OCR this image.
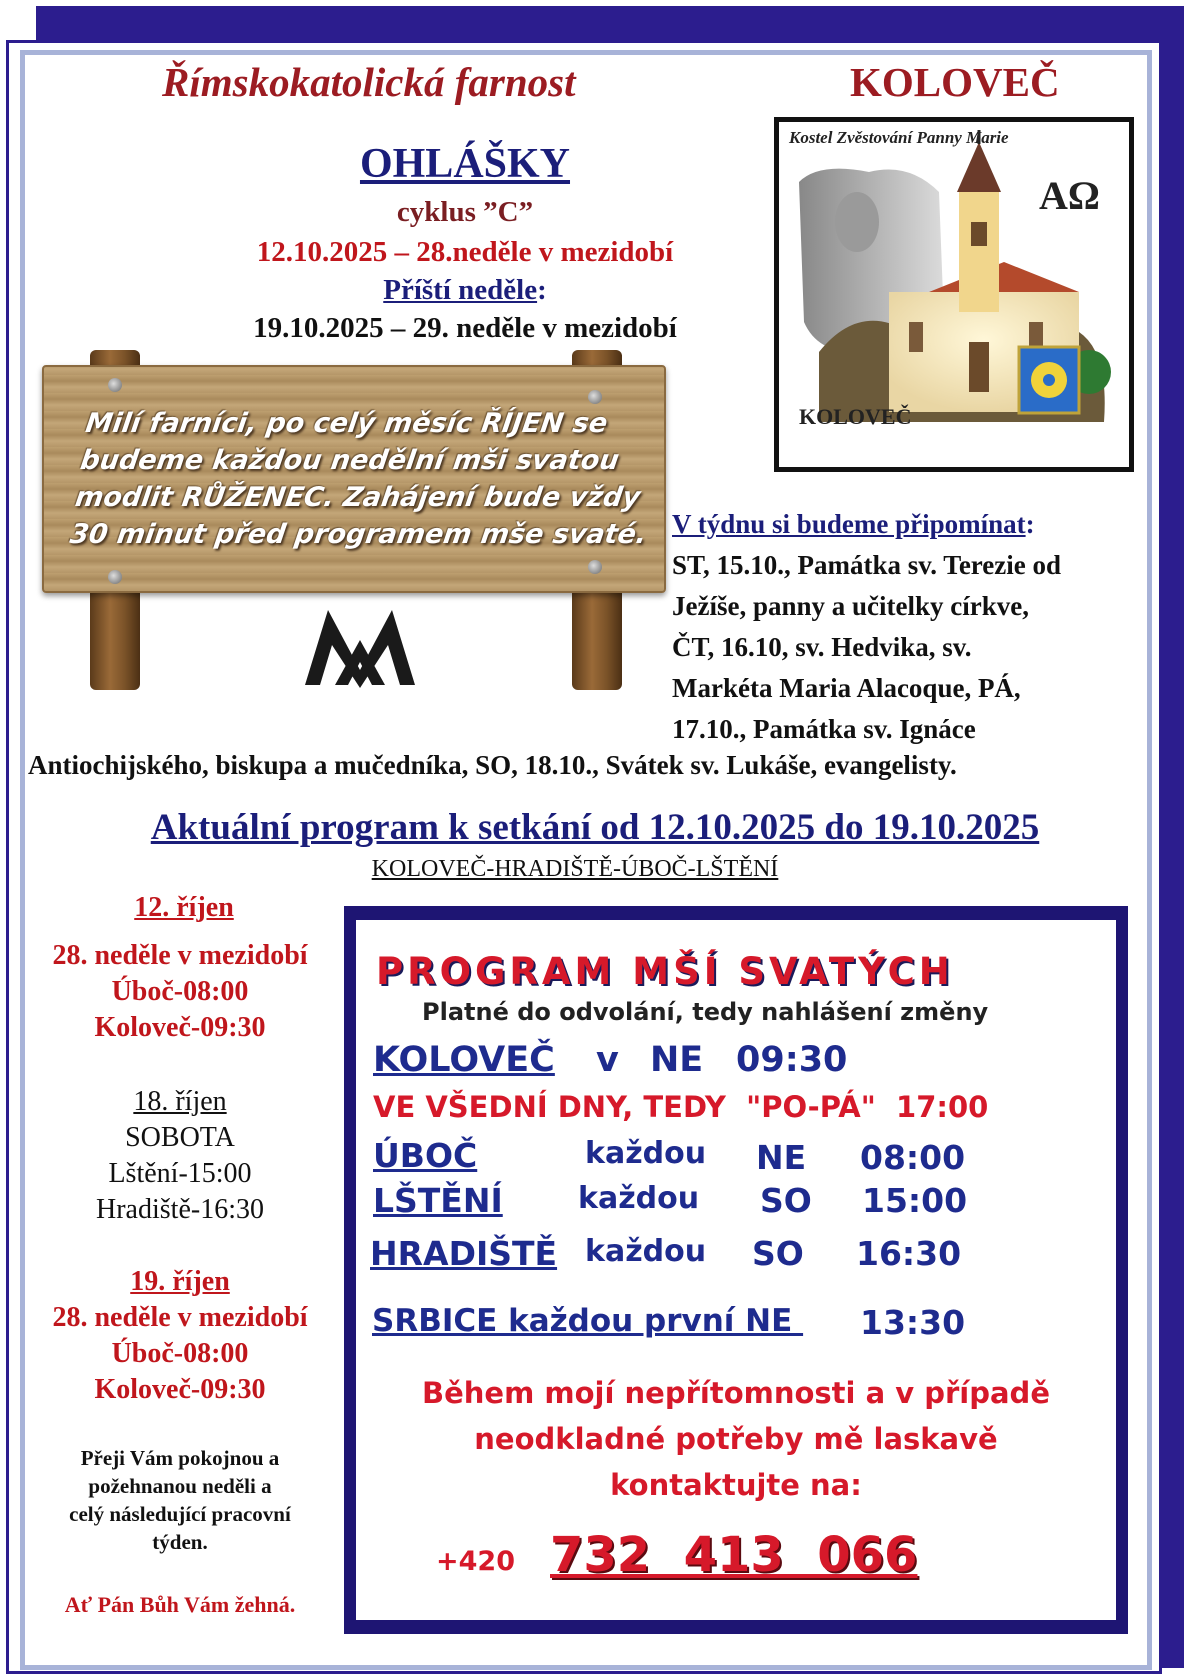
Římskokatolická farnost	KOLOVEČ
OHLÁŠKY
cyklus ”C”
12.10.2025 – 28.neděle v mezidobí
Příští neděle:
19.10.2025 – 29. neděle v mezidobí
Kostel Zvěstování Panny Marie
KOLOVEČ
AΩ
Milí farníci, po celý měsíc ŘÍJEN se
budeme každou nedělní mši svatou
modlit RŮŽENEC. Zahájení bude vždy
30 minut před programem mše svaté. V týdnu si budeme připomínat:
ST, 15.10., Památka sv. Terezie od
Ježíše, panny a učitelky církve,
ČT, 16.10, sv. Hedvika, sv.
Markéta Maria Alacoque, PÁ,
17.10., Památka sv. Ignáce
Antiochijského, biskupa a mučedníka, SO, 18.10., Svátek sv. Lukáše, evangelisty.
Aktuální program k setkání od 12.10.2025 do 19.10.2025
KOLOVEČ-HRADIŠTĚ-ÚBOČ-LŠTĚNÍ
12. říjen
28. neděle v mezidobí
Úboč-08:00
Koloveč-09:30
18. říjen
SOBOTA
Lštění-15:00
Hradiště-16:30
19. říjen
28. neděle v mezidobí
Úboč-08:00
Koloveč-09:30
Přeji Vám pokojnou a
požehnanou neděli a
celý následující pracovní
týden.
Ať Pán Bůh Vám žehná.
PROGRAM MŠÍ SVATÝCH
Platné do odvolání, tedy nahlášení změny
KOLOVEČ v NE 09:30
VE VŠEDNÍ DNY, TEDY  "PO-PÁ"  17:00
ÚBOČ	každou NE 08:00
LŠTĚNÍ	každou SO 15:00
HRADIŠTĚ každou SO 16:30
SRBICE každou první NE 13:30
Během mojí nepřítomnosti a v případě
neodkladné potřeby mě laskavě
kontaktujte na:
+420 732  413  066
